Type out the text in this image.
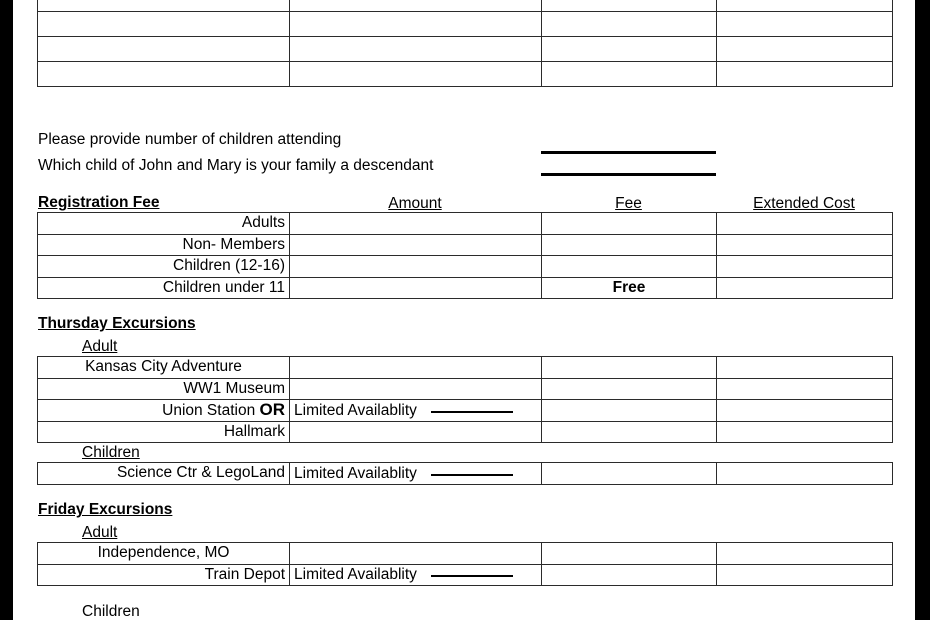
Please provide number of children attending
Which child of John and Mary is your family a descendant
Registration Fee	Amount	Fee	Extended Cost
Adults			
Non- Members			
Children (12-16)			
Children under 11		Free	
Thursday Excursions
Adult
Kansas City Adventure			
WW1 Museum			
Union Station OR	Limited Availablity		
Hallmark			
Children
Science Ctr & LegoLand	Limited Availablity		
Friday Excursions
Adult
Independence, MO			
Train Depot	Limited Availablity		
Children
